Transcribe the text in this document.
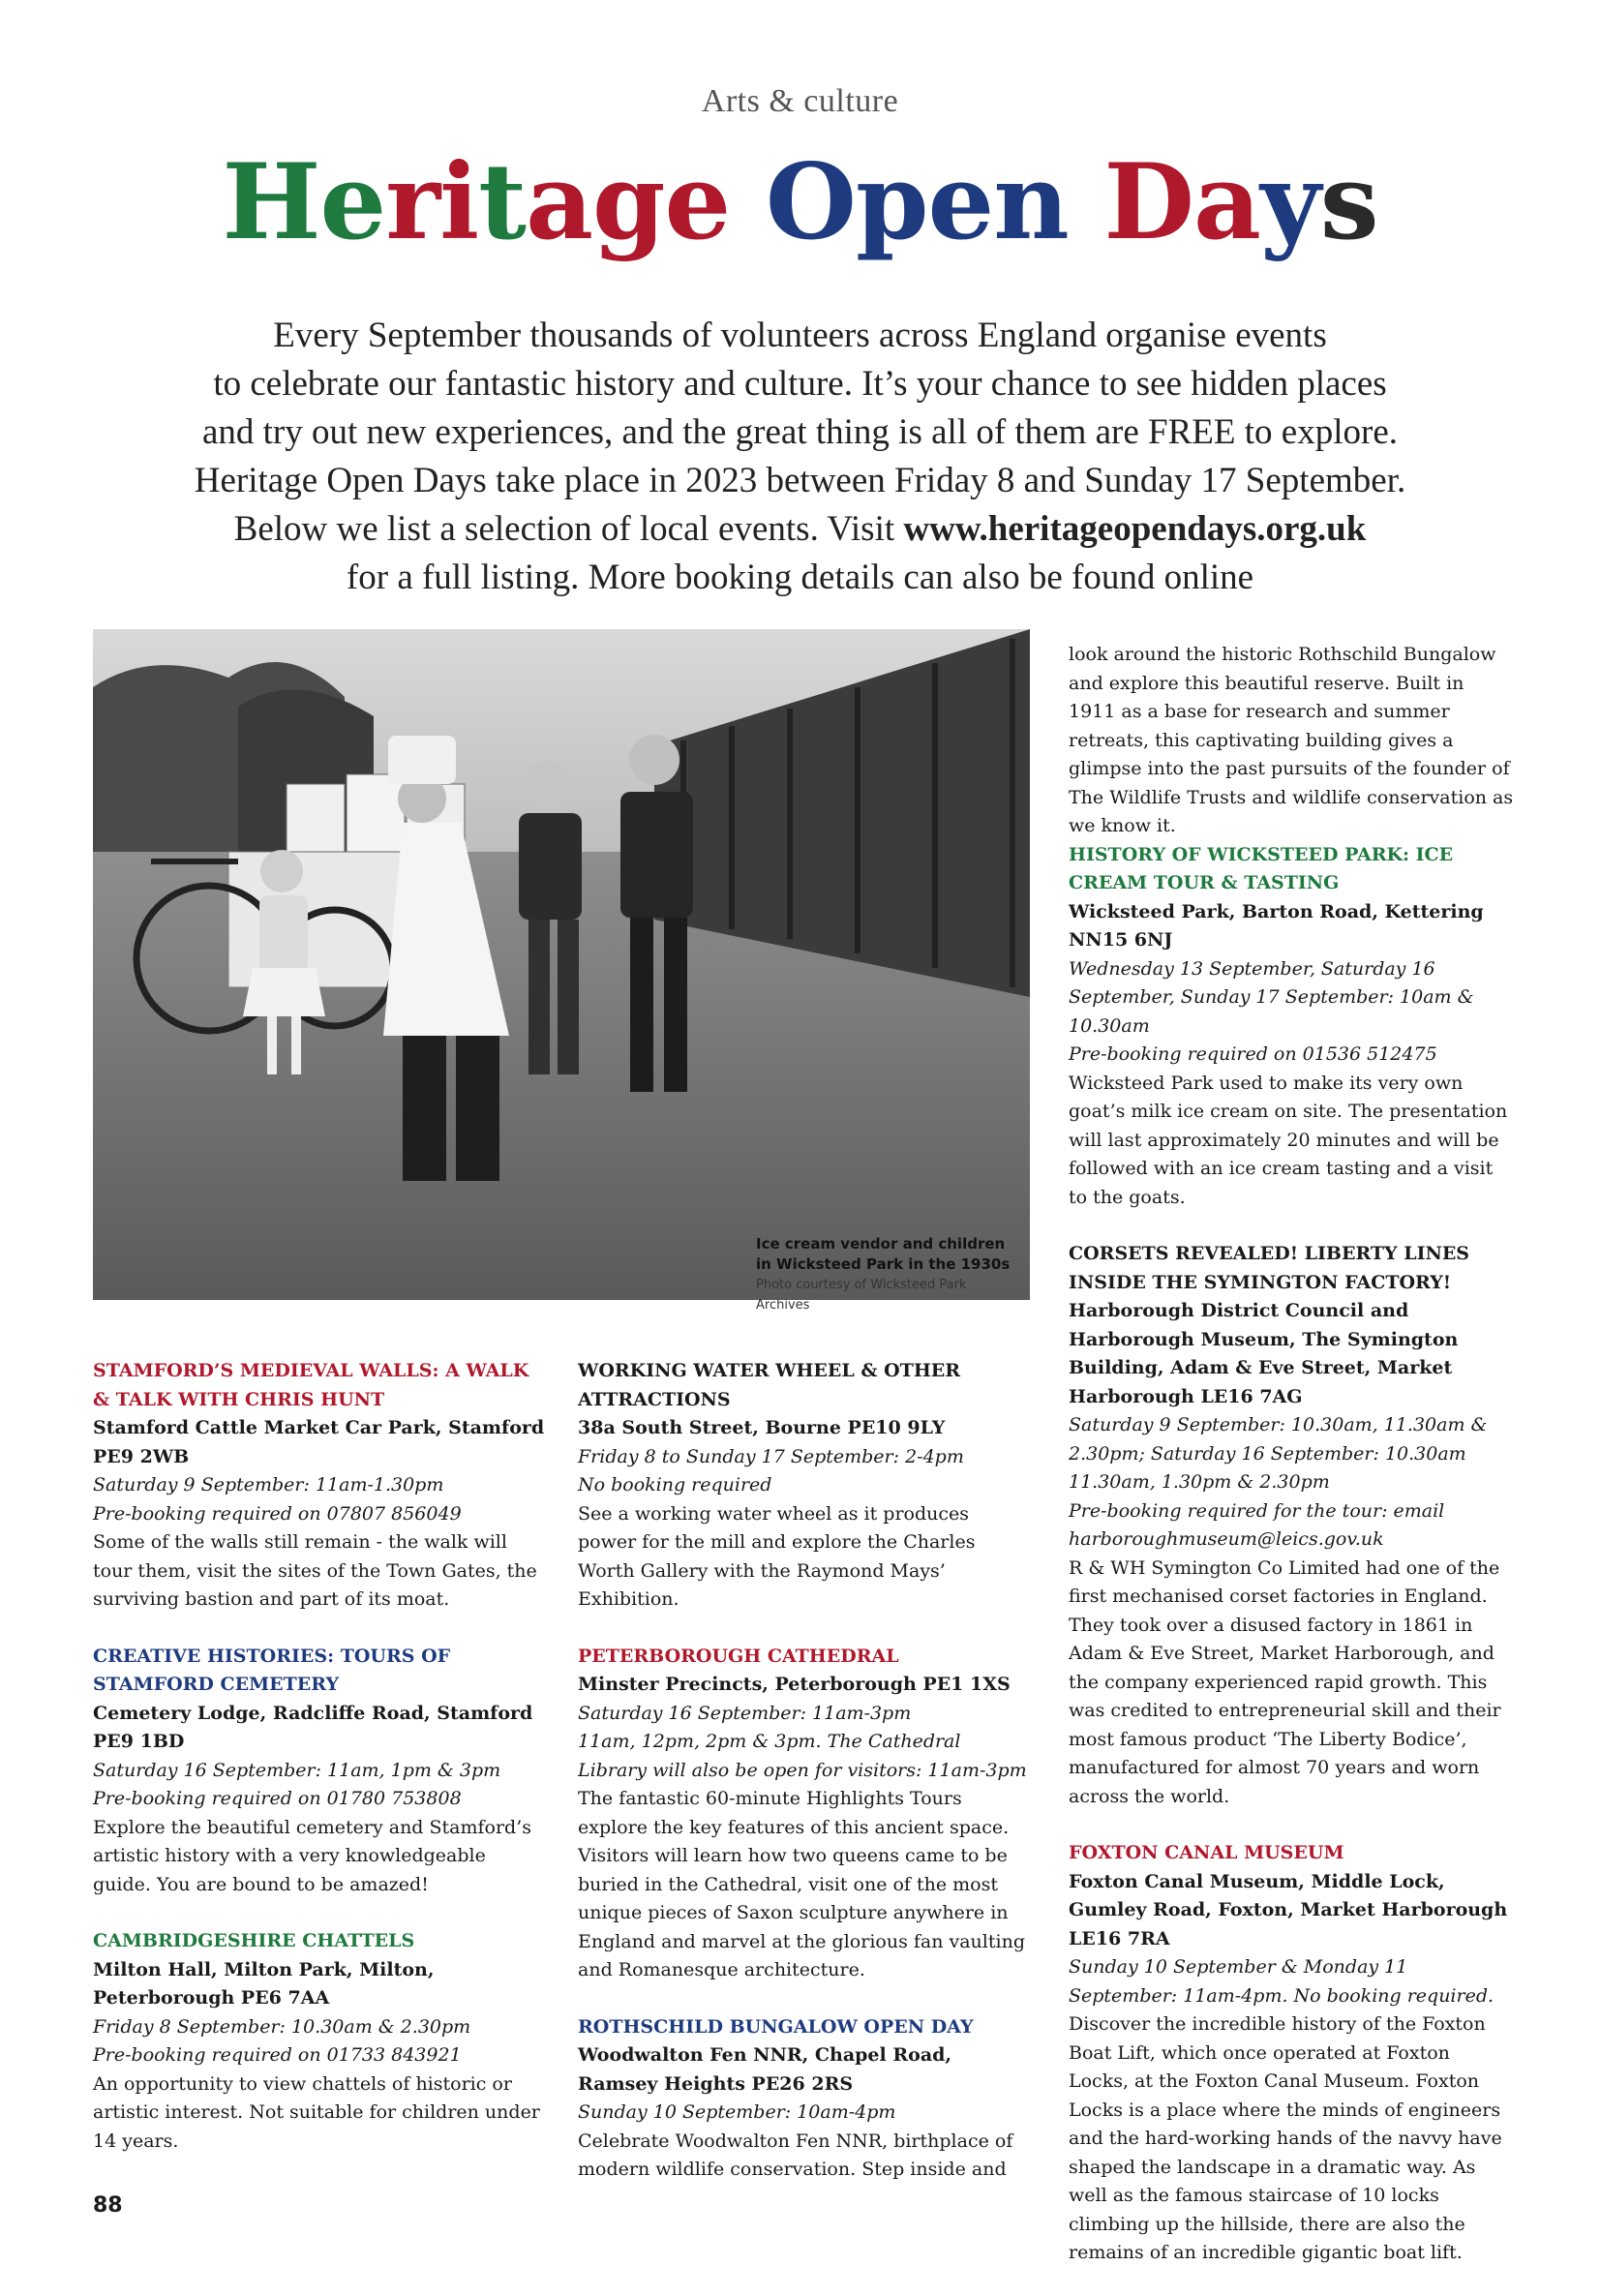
Arts & culture
Heritage Open Days
Every September thousands of volunteers across England organise events
to celebrate our fantastic history and culture. It’s your chance to see hidden places
and try out new experiences, and the great thing is all of them are FREE to explore.
Heritage Open Days take place in 2023 between Friday 8 and Sunday 17 September.
Below we list a selection of local events. Visit www.heritageopendays.org.uk
for a full listing. More booking details can also be found online
Ice cream vendor and children
in Wicksteed Park in the 1930s
Photo courtesy of Wicksteed Park Archives

STAMFORD’S MEDIEVAL WALLS: A WALK & TALK WITH CHRIS HUNT

Stamford Cattle Market Car Park, Stamford PE9 2WB

Saturday 9 September: 11am-1.30pm

Pre-booking required on 07807 856049

Some of the walls still remain - the walk will tour them, visit the sites of the Town Gates, the surviving bastion and part of its moat.

CREATIVE HISTORIES: TOURS OF STAMFORD CEMETERY

Cemetery Lodge, Radcliffe Road, Stamford PE9 1BD

Saturday 16 September: 11am, 1pm & 3pm

Pre-booking required on 01780 753808

Explore the beautiful cemetery and Stamford’s artistic history with a very knowledgeable guide. You are bound to be amazed!

CAMBRIDGESHIRE CHATTELS

Milton Hall, Milton Park, Milton, Peterborough PE6 7AA

Friday 8 September: 10.30am & 2.30pm

Pre-booking required on 01733 843921

An opportunity to view chattels of historic or artistic interest. Not suitable for children under 14 years.

WORKING WATER WHEEL & OTHER ATTRACTIONS

38a South Street, Bourne PE10 9LY

Friday 8 to Sunday 17 September: 2-4pm

No booking required

See a working water wheel as it produces power for the mill and explore the Charles Worth Gallery with the Raymond Mays’ Exhibition.

PETERBOROUGH CATHEDRAL

Minster Precincts, Peterborough PE1 1XS

Saturday 16 September: 11am-3pm

11am, 12pm, 2pm & 3pm. The Cathedral Library will also be open for visitors: 11am-3pm

The fantastic 60-minute Highlights Tours explore the key features of this ancient space. Visitors will learn how two queens came to be buried in the Cathedral, visit one of the most unique pieces of Saxon sculpture anywhere in England and marvel at the glorious fan vaulting and Romanesque architecture.

ROTHSCHILD BUNGALOW OPEN DAY

Woodwalton Fen NNR, Chapel Road, Ramsey Heights PE26 2RS

Sunday 10 September: 10am-4pm

Celebrate Woodwalton Fen NNR, birthplace of modern wildlife conservation. Step inside and

look around the historic Rothschild Bungalow and explore this beautiful reserve. Built in 1911 as a base for research and summer retreats, this captivating building gives a glimpse into the past pursuits of the founder of The Wildlife Trusts and wildlife conservation as we know it.

HISTORY OF WICKSTEED PARK: ICE CREAM TOUR & TASTING

Wicksteed Park, Barton Road, Kettering NN15 6NJ

Wednesday 13 September, Saturday 16 September, Sunday 17 September: 10am & 10.30am

Pre-booking required on 01536 512475

Wicksteed Park used to make its very own goat’s milk ice cream on site. The presentation will last approximately 20 minutes and will be followed with an ice cream tasting and a visit to the goats.

CORSETS REVEALED! LIBERTY LINES INSIDE THE SYMINGTON FACTORY!

Harborough District Council and Harborough Museum, The Symington Building, Adam & Eve Street, Market Harborough LE16 7AG

Saturday 9 September: 10.30am, 11.30am & 2.30pm; Saturday 16 September: 10.30am 11.30am, 1.30pm & 2.30pm

Pre-booking required for the tour: email harboroughmuseum@leics.gov.uk

R & WH Symington Co Limited had one of the first mechanised corset factories in England. They took over a disused factory in 1861 in Adam & Eve Street, Market Harborough, and the company experienced rapid growth. This was credited to entrepreneurial skill and their most famous product ‘The Liberty Bodice’, manufactured for almost 70 years and worn across the world.

FOXTON CANAL MUSEUM

Foxton Canal Museum, Middle Lock, Gumley Road, Foxton, Market Harborough LE16 7RA

Sunday 10 September & Monday 11 September: 11am-4pm. No booking required.

Discover the incredible history of the Foxton Boat Lift, which once operated at Foxton Locks, at the Foxton Canal Museum. Foxton Locks is a place where the minds of engineers and the hard-working hands of the navvy have shaped the landscape in a dramatic way. As well as the famous staircase of 10 locks climbing up the hillside, there are also the remains of an incredible gigantic boat lift.

88
